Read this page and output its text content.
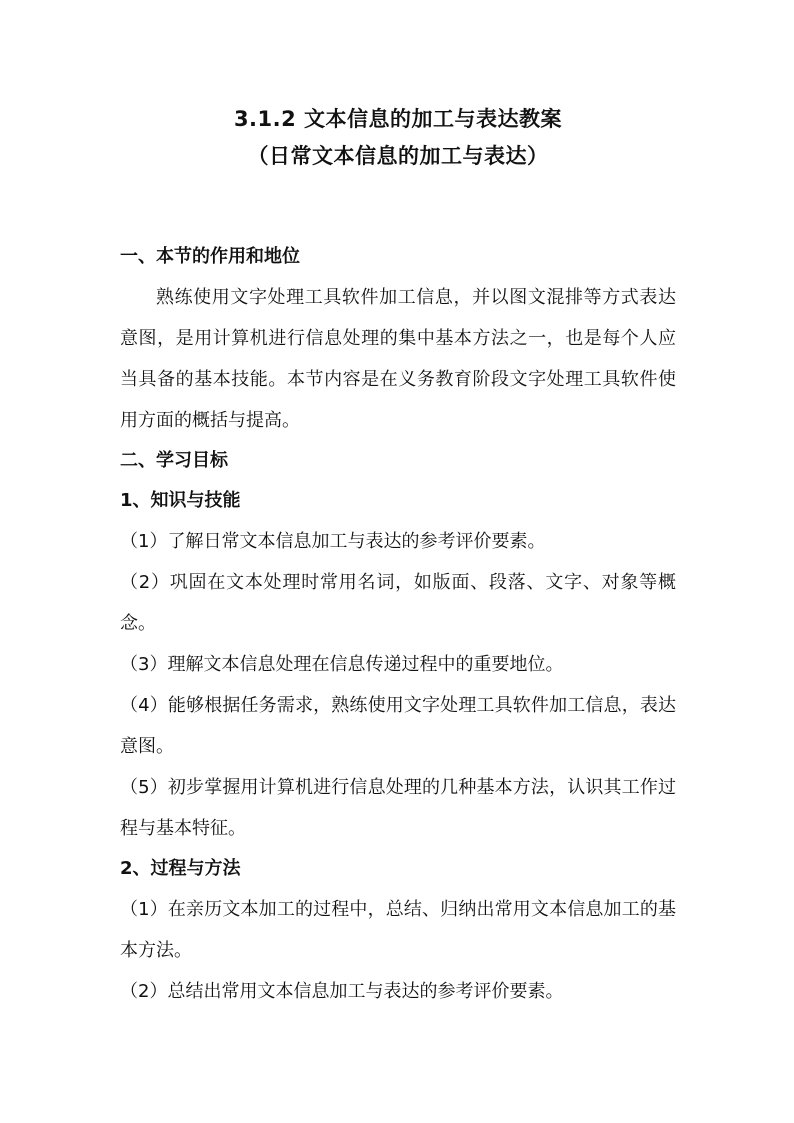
3.1.2 文本信息的加工与表达教案

（日常文本信息的加工与表达）

一、本节的作用和地位

熟练使用文字处理工具软件加工信息，并以图文混排等方式表达意图，是用计算机进行信息处理的集中基本方法之一，也是每个人应当具备的基本技能。本节内容是在义务教育阶段文字处理工具软件使用方面的概括与提高。

二、学习目标

1、知识与技能

（1）了解日常文本信息加工与表达的参考评价要素。

（2）巩固在文本处理时常用名词，如版面、段落、文字、对象等概念。

（3）理解文本信息处理在信息传递过程中的重要地位。

（4）能够根据任务需求，熟练使用文字处理工具软件加工信息，表达意图。

（5）初步掌握用计算机进行信息处理的几种基本方法，认识其工作过程与基本特征。

2、过程与方法

（1）在亲历文本加工的过程中，总结、归纳出常用文本信息加工的基本方法。

（2）总结出常用文本信息加工与表达的参考评价要素。
